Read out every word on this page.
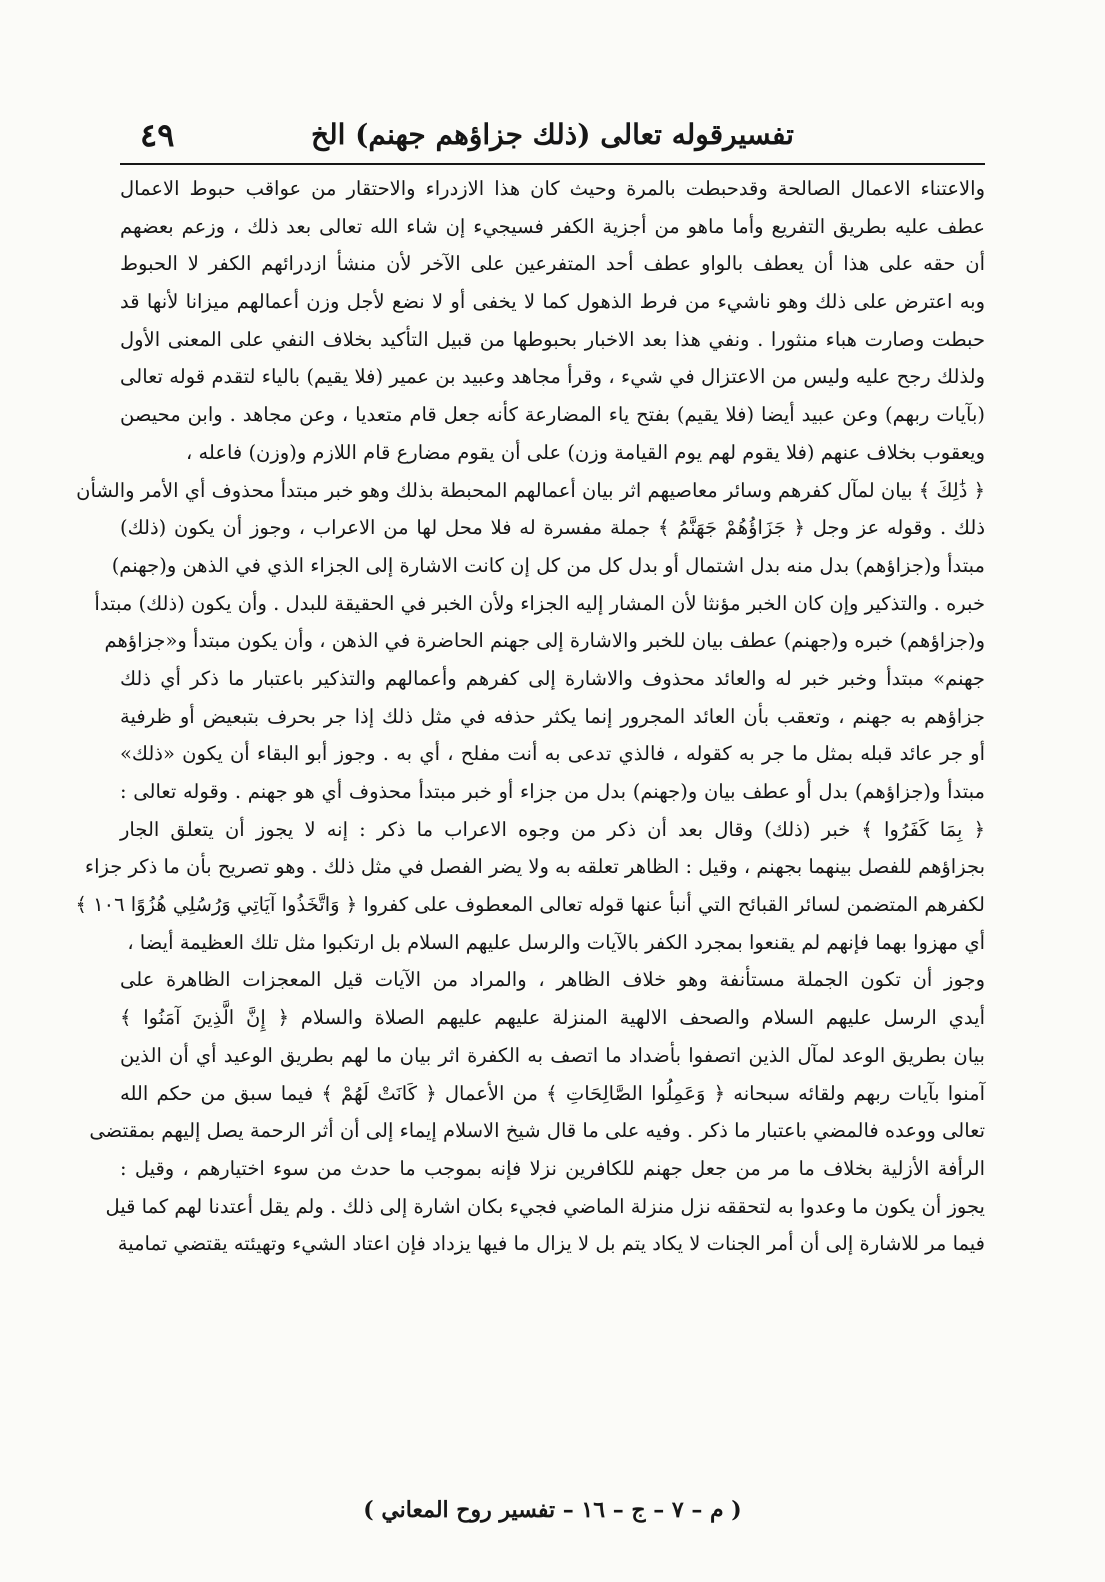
٤٩	تفسيرقوله تعالى (ذلك جزاؤهم جهنم) الخ
والاعتناء الاعمال الصالحة وقدحبطت بالمرة وحيث كان هذا الازدراء والاحتقار من عواقب حبوط الاعمال
عطف عليه بطريق التفريع وأما ماهو من أجزية الكفر فسيجيء إن شاء الله تعالى بعد ذلك ، وزعم بعضهم
أن حقه على هذا أن يعطف بالواو عطف أحد المتفرعين على الآخر لأن منشأ ازدرائهم الكفر لا الحبوط
وبه اعترض على ذلك وهو ناشيء من فرط الذهول كما لا يخفى أو لا نضع لأجل وزن أعمالهم ميزانا لأنها قد
حبطت وصارت هباء منثورا . ونفي هذا بعد الاخبار بحبوطها من قبيل التأكيد بخلاف النفي على المعنى الأول
ولذلك رجح عليه وليس من الاعتزال في شيء ، وقرأ مجاهد وعبيد بن عمير (فلا يقيم) بالياء لتقدم قوله تعالى
(بآيات ربهم) وعن عبيد أيضا (فلا يقيم) بفتح ياء المضارعة كأنه جعل قام متعديا ، وعن مجاهد . وابن محيصن
ويعقوب بخلاف عنهم (فلا يقوم لهم يوم القيامة وزن) على أن يقوم مضارع قام اللازم و(وزن) فاعله ،
﴿ ذَٰلِكَ ﴾ بيان لمآل كفرهم وسائر معاصيهم اثر بيان أعمالهم المحبطة بذلك وهو خبر مبتدأ محذوف أي الأمر والشأن
ذلك . وقوله عز وجل ﴿ جَزَاؤُهُمْ جَهَنَّمُ ﴾ جملة مفسرة له فلا محل لها من الاعراب ، وجوز أن يكون (ذلك)
مبتدأ و(جزاؤهم) بدل منه بدل اشتمال أو بدل كل من كل إن كانت الاشارة إلى الجزاء الذي في الذهن و(جهنم)
خبره . والتذكير وإن كان الخبر مؤنثا لأن المشار إليه الجزاء ولأن الخبر في الحقيقة للبدل . وأن يكون (ذلك) مبتدأ
و(جزاؤهم) خبره و(جهنم) عطف بيان للخبر والاشارة إلى جهنم الحاضرة في الذهن ، وأن يكون مبتدأ و«جزاؤهم
جهنم» مبتدأ وخبر خبر له والعائد محذوف والاشارة إلى كفرهم وأعمالهم والتذكير باعتبار ما ذكر أي ذلك
جزاؤهم به جهنم ، وتعقب بأن العائد المجرور إنما يكثر حذفه في مثل ذلك إذا جر بحرف بتبعيض أو ظرفية
أو جر عائد قبله بمثل ما جر به كقوله ، فالذي تدعى به أنت مفلح ، أي به . وجوز أبو البقاء أن يكون «ذلك»
مبتدأ و(جزاؤهم) بدل أو عطف بيان و(جهنم) بدل من جزاء أو خبر مبتدأ محذوف أي هو جهنم . وقوله تعالى :
﴿ بِمَا كَفَرُوا ﴾ خبر (ذلك) وقال بعد أن ذكر من وجوه الاعراب ما ذكر : إنه لا يجوز أن يتعلق الجار
بجزاؤهم للفصل بينهما بجهنم ، وقيل : الظاهر تعلقه به ولا يضر الفصل في مثل ذلك . وهو تصريح بأن ما ذكر جزاء
لكفرهم المتضمن لسائر القبائح التي أنبأ عنها قوله تعالى المعطوف على كفروا ﴿ وَاتَّخَذُوا آيَاتِي وَرُسُلِي هُزُوًا ١٠٦ ﴾
أي مهزوا بهما فإنهم لم يقنعوا بمجرد الكفر بالآيات والرسل عليهم السلام بل ارتكبوا مثل تلك العظيمة أيضا ،
وجوز أن تكون الجملة مستأنفة وهو خلاف الظاهر ، والمراد من الآيات قيل المعجزات الظاهرة على
أيدي الرسل عليهم السلام والصحف الالهية المنزلة عليهم عليهم الصلاة والسلام ﴿ إِنَّ الَّذِينَ آمَنُوا ﴾
بيان بطريق الوعد لمآل الذين اتصفوا بأضداد ما اتصف به الكفرة اثر بيان ما لهم بطريق الوعيد أي أن الذين
آمنوا بآيات ربهم ولقائه سبحانه ﴿ وَعَمِلُوا الصَّالِحَاتِ ﴾ من الأعمال ﴿ كَانَتْ لَهُمْ ﴾ فيما سبق من حكم الله
تعالى ووعده فالمضي باعتبار ما ذكر . وفيه على ما قال شيخ الاسلام إيماء إلى أن أثر الرحمة يصل إليهم بمقتضى
الرأفة الأزلية بخلاف ما مر من جعل جهنم للكافرين نزلا فإنه بموجب ما حدث من سوء اختيارهم ، وقيل :
يجوز أن يكون ما وعدوا به لتحققه نزل منزلة الماضي فجيء بكان اشارة إلى ذلك . ولم يقل أعتدنا لهم كما قيل
فيما مر للاشارة إلى أن أمر الجنات لا يكاد يتم بل لا يزال ما فيها يزداد فإن اعتاد الشيء وتهيئته يقتضي تمامية
( م – ٧ – ج – ١٦ – تفسير روح المعاني )
